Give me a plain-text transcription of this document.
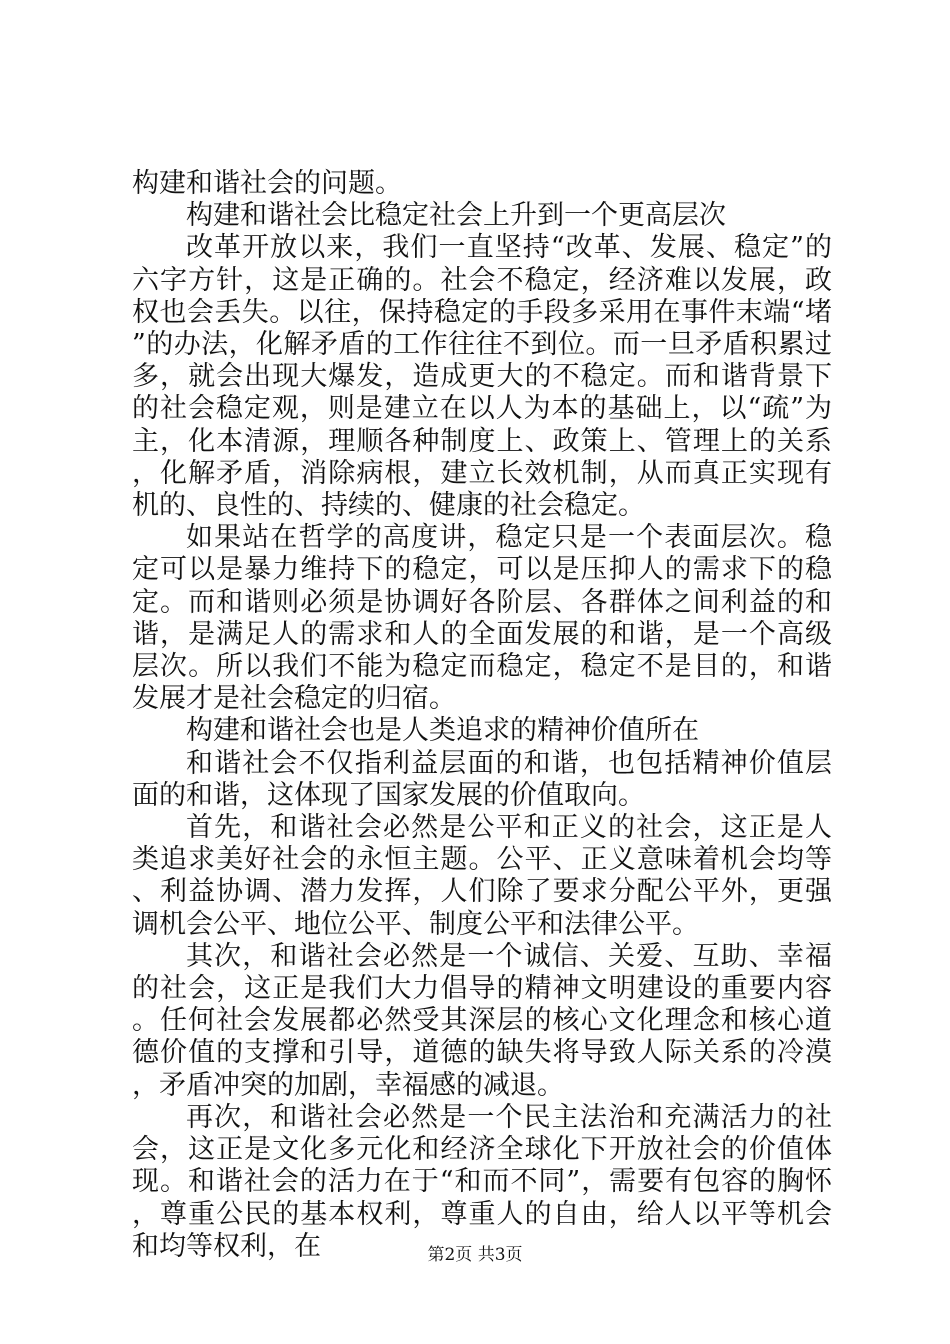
构建和谐社会的问题。

构建和谐社会比稳定社会上升到一个更高层次

改革开放以来，我们一直坚持“改革、发展、稳定”的六字方针，这是正确的。社会不稳定，经济难以发展，政权也会丢失。以往，保持稳定的手段多采用在事件末端“堵”的办法，化解矛盾的工作往往不到位。而一旦矛盾积累过多，就会出现大爆发，造成更大的不稳定。而和谐背景下的社会稳定观，则是建立在以人为本的基础上，以“疏”为主，化本清源，理顺各种制度上、政策上、管理上的关系，化解矛盾，消除病根，建立长效机制，从而真正实现有机的、良性的、持续的、健康的社会稳定。

如果站在哲学的高度讲，稳定只是一个表面层次。稳定可以是暴力维持下的稳定，可以是压抑人的需求下的稳定。而和谐则必须是协调好各阶层、各群体之间利益的和谐，是满足人的需求和人的全面发展的和谐，是一个高级层次。所以我们不能为稳定而稳定，稳定不是目的，和谐发展才是社会稳定的归宿。

构建和谐社会也是人类追求的精神价值所在

和谐社会不仅指利益层面的和谐，也包括精神价值层面的和谐，这体现了国家发展的价值取向。

首先，和谐社会必然是公平和正义的社会，这正是人类追求美好社会的永恒主题。公平、正义意味着机会均等、利益协调、潜力发挥，人们除了要求分配公平外，更强调机会公平、地位公平、制度公平和法律公平。

其次，和谐社会必然是一个诚信、关爱、互助、幸福的社会，这正是我们大力倡导的精神文明建设的重要内容。任何社会发展都必然受其深层的核心文化理念和核心道德价值的支撑和引导，道德的缺失将导致人际关系的冷漠，矛盾冲突的加剧，幸福感的减退。

再次，和谐社会必然是一个民主法治和充满活力的社会，这正是文化多元化和经济全球化下开放社会的价值体现。和谐社会的活力在于“和而不同”，需要有包容的胸怀，尊重公民的基本权利，尊重人的自由，给人以平等机会和均等权利，在	第2页 共3页
